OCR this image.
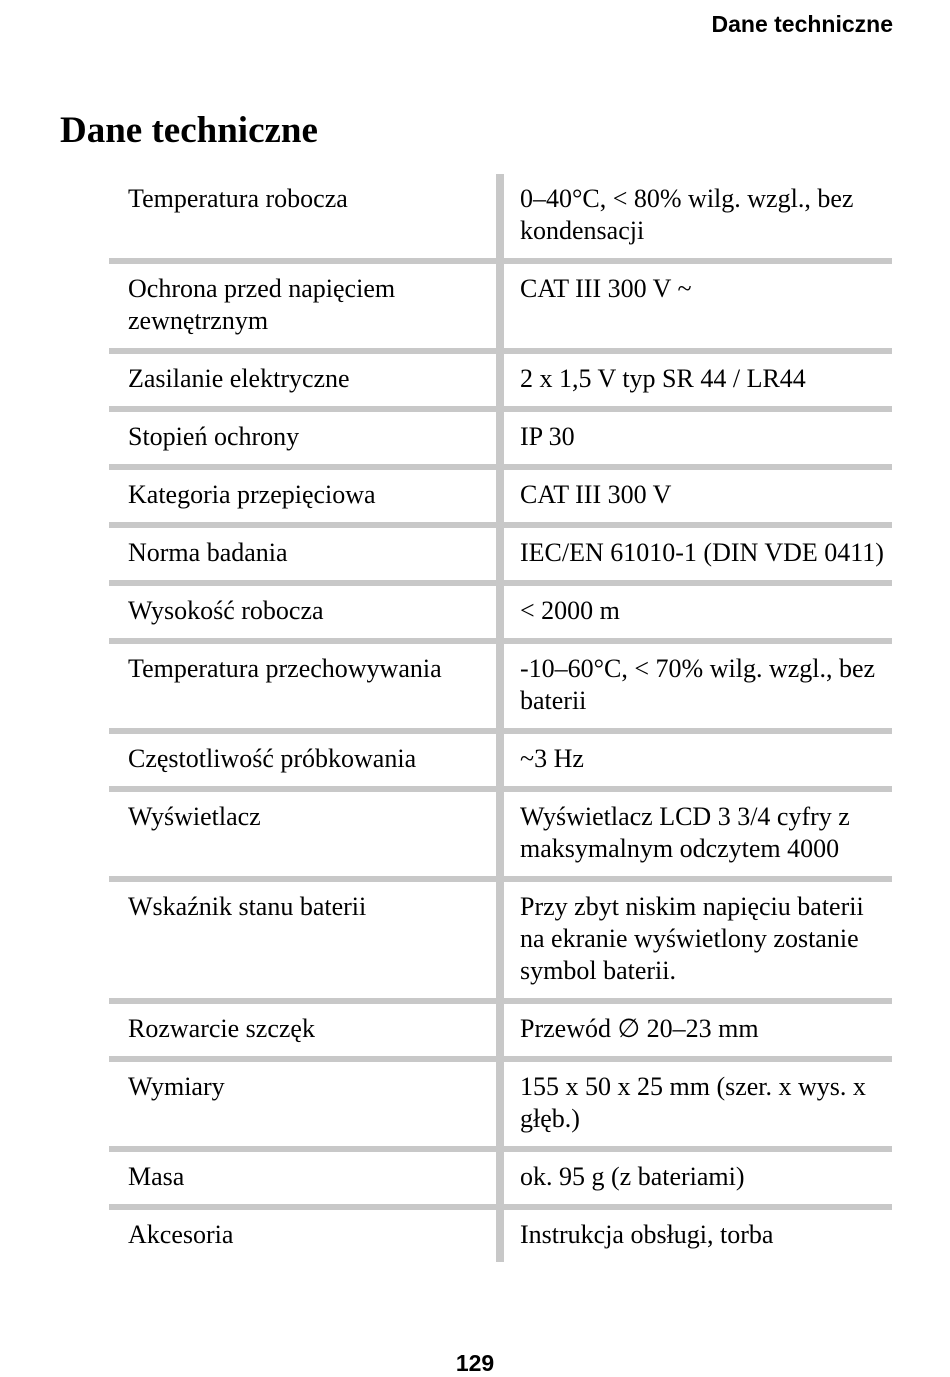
Dane techniczne
Dane techniczne
Temperatura robocza	0–40°C, < 80% wilg. wzgl., bez kondensacji
Ochrona przed napięciem zewnętrznym	CAT III 300 V ~
Zasilanie elektryczne	2 x 1,5 V typ SR 44 / LR44
Stopień ochrony	IP 30
Kategoria przepięciowa	CAT III 300 V
Norma badania	IEC/EN 61010-1 (DIN VDE 0411)
Wysokość robocza	< 2000 m
Temperatura przechowywania	-10–60°C, < 70% wilg. wzgl., bez baterii
Częstotliwość próbkowania	~3 Hz
Wyświetlacz	Wyświetlacz LCD 3 3/4 cyfry z maksymalnym odczytem 4000
Wskaźnik stanu baterii	Przy zbyt niskim napięciu baterii na ekranie wyświetlony zostanie symbol baterii.
Rozwarcie szczęk	Przewód ∅ 20–23 mm
Wymiary	155 x 50 x 25 mm (szer. x wys. x głęb.)
Masa	ok. 95 g (z bateriami)
Akcesoria	Instrukcja obsługi, torba
129
